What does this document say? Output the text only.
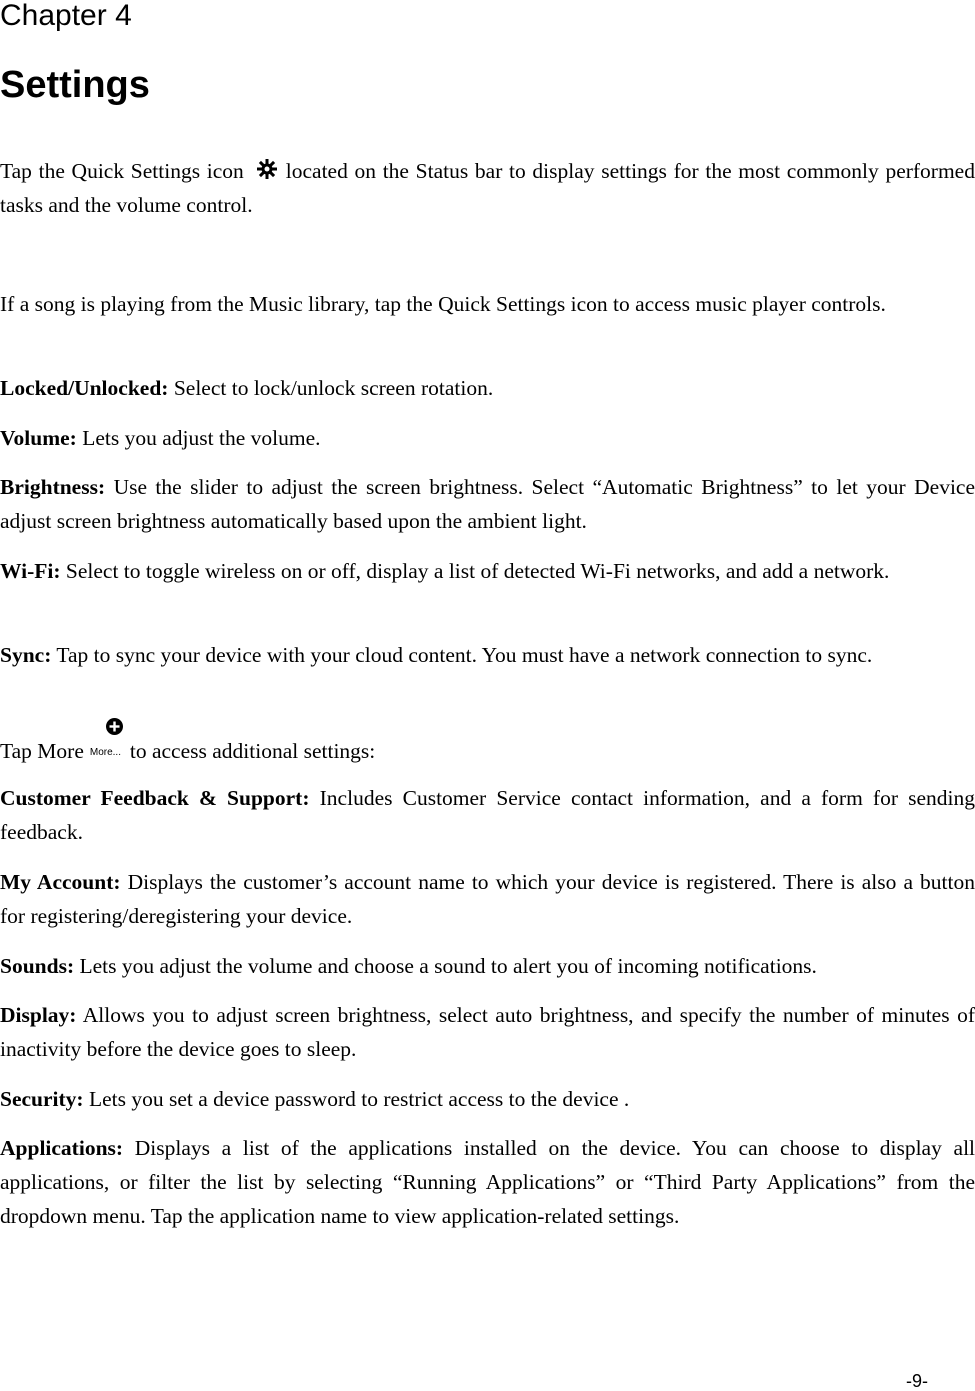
Chapter 4
Settings

Tap the Quick Settings icon located on the Status bar to display settings for the most commonly performed tasks and the volume control.

If a song is playing from the Music library, tap the Quick Settings icon to access music player controls.

Locked/Unlocked: Select to lock/unlock screen rotation.

Volume: Lets you adjust the volume.

Brightness: Use the slider to adjust the screen brightness. Select “Automatic Brightness” to let your Device adjust screen brightness automatically based upon the ambient light.

Wi-Fi: Select to toggle wireless on or off, display a list of detected Wi-Fi networks, and add a network.

Sync: Tap to sync your device with your cloud content. You must have a network connection to sync.

Tap More More... to access additional settings:

Customer Feedback & Support: Includes Customer Service contact information, and a form for sending feedback.

My Account: Displays the customer’s account name to which your device is registered. There is also a button for registering/deregistering your device.

Sounds: Lets you adjust the volume and choose a sound to alert you of incoming notifications.

Display: Allows you to adjust screen brightness, select auto brightness, and specify the number of minutes of inactivity before the device goes to sleep.

Security: Lets you set a device password to restrict access to the device .

Applications: Displays a list of the applications installed on the device. You can choose to display all applications, or filter the list by selecting “Running Applications” or “Third Party Applications” from the dropdown menu. Tap the application name to view application-related settings.

-9-
